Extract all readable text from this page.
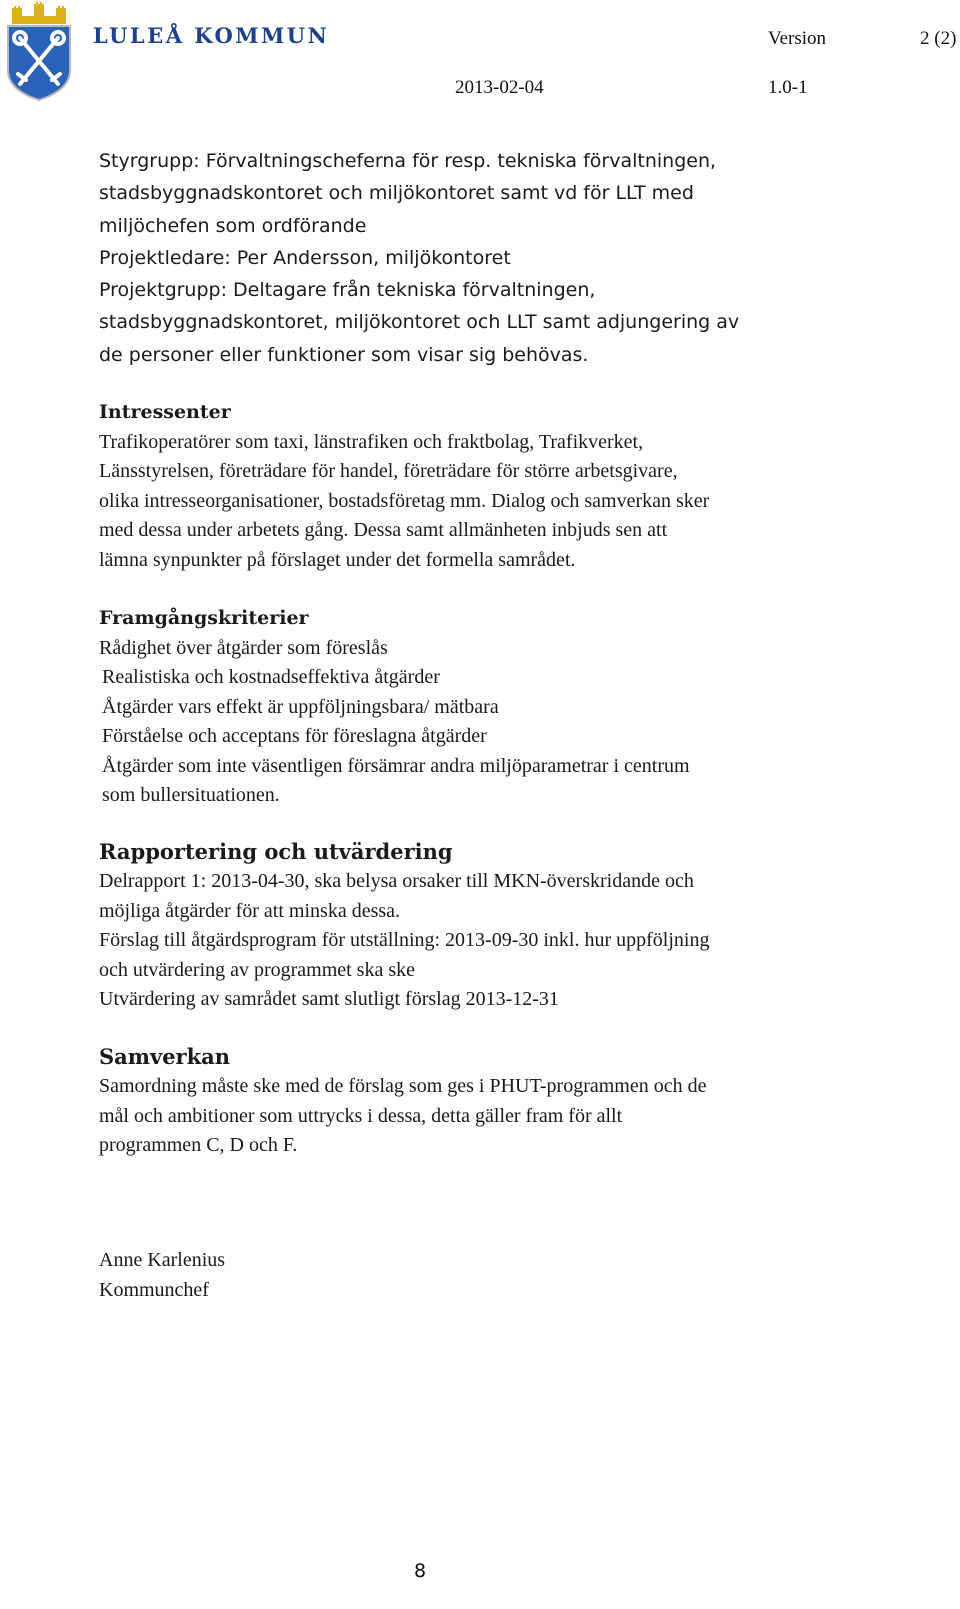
LULEÅ KOMMUN	Version	2 (2)
2013-02-04	1.0-1
Styrgrupp: Förvaltningscheferna för resp. tekniska förvaltningen,
stadsbyggnadskontoret och miljökontoret samt vd för LLT med
miljöchefen som ordförande
Projektledare: Per Andersson, miljökontoret
Projektgrupp: Deltagare från tekniska förvaltningen,
stadsbyggnadskontoret, miljökontoret och LLT samt adjungering av
de personer eller funktioner som visar sig behövas.
Intressenter
Trafikoperatörer som taxi, länstrafiken och fraktbolag, Trafikverket,
Länsstyrelsen, företrädare för handel, företrädare för större arbetsgivare,
olika intresseorganisationer, bostadsföretag mm. Dialog och samverkan sker
med dessa under arbetets gång. Dessa samt allmänheten inbjuds sen att
lämna synpunkter på förslaget under det formella samrådet.
Framgångskriterier
Rådighet över åtgärder som föreslås
Realistiska och kostnadseffektiva åtgärder
Åtgärder vars effekt är uppföljningsbara/ mätbara
Förståelse och acceptans för föreslagna åtgärder
Åtgärder som inte väsentligen försämrar andra miljöparametrar i centrum
som bullersituationen.
Rapportering och utvärdering
Delrapport 1: 2013-04-30, ska belysa orsaker till MKN-överskridande och
möjliga åtgärder för att minska dessa.
Förslag till åtgärdsprogram för utställning: 2013-09-30 inkl. hur uppföljning
och utvärdering av programmet ska ske
Utvärdering av samrådet samt slutligt förslag 2013-12-31
Samverkan
Samordning måste ske med de förslag som ges i PHUT-programmen och de
mål och ambitioner som uttrycks i dessa, detta gäller fram för allt
programmen C, D och F.
Anne Karlenius
Kommunchef
8
